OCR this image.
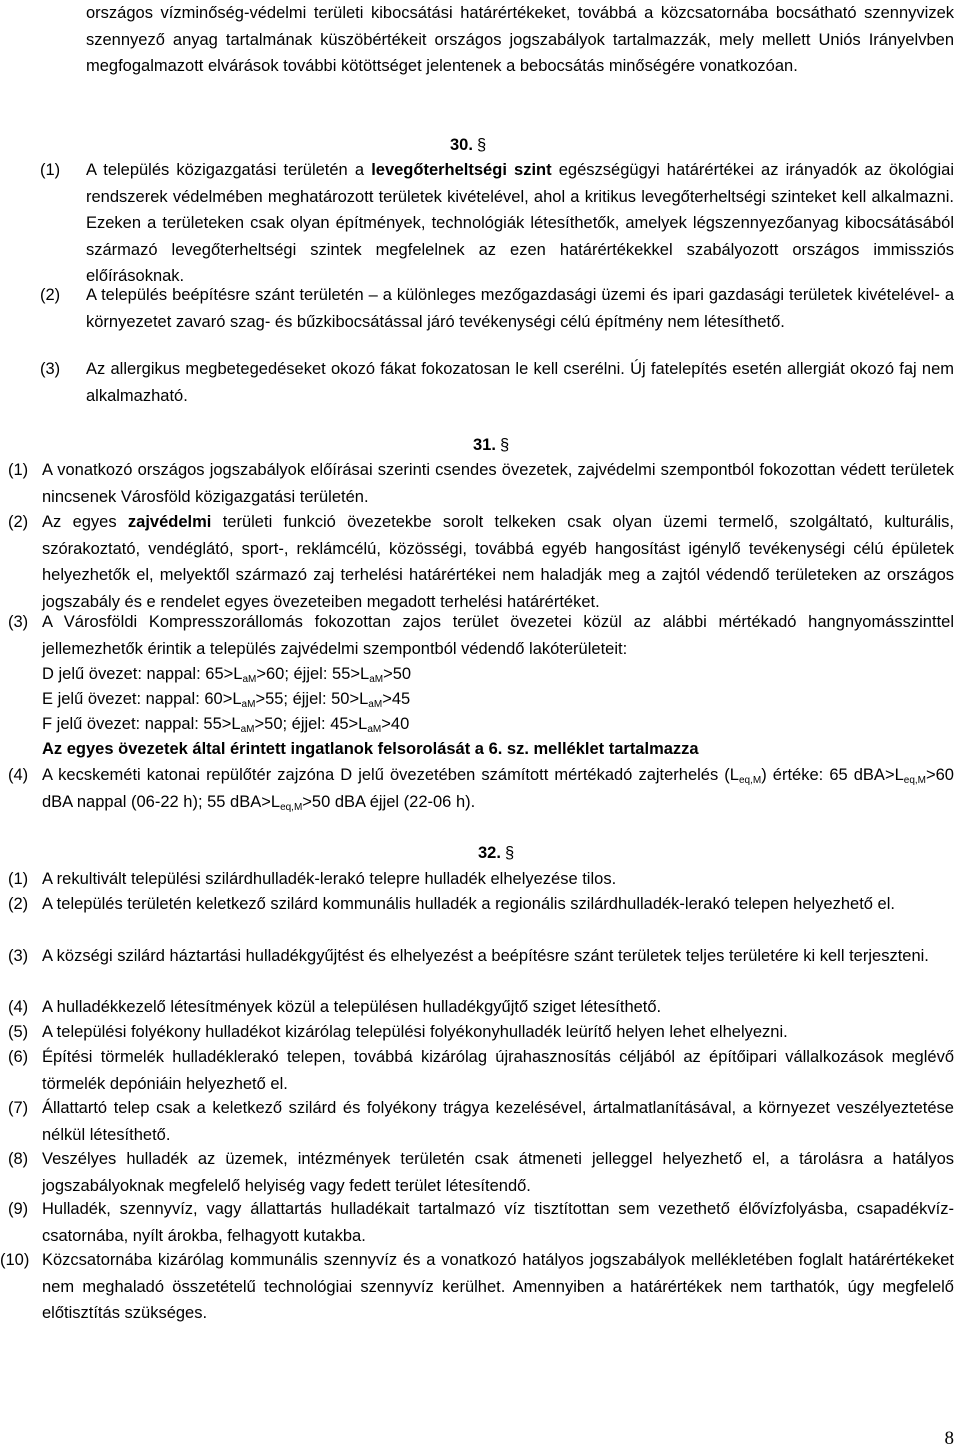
országos vízminőség-védelmi területi kibocsátási határértékeket, továbbá a közcsatornába bocsátható szennyvizek szennyező anyag tartalmának küszöbértékeit országos jogszabályok tartalmazzák, mely mellett Uniós Irányelvben megfogalmazott elvárások további kötöttséget jelentenek a bebocsátás minőségére vonatkozóan.

30. §
(1) A település közigazgatási területén a levegőterheltségi szint egészségügyi határértékei az irányadók az ökológiai rendszerek védelmében meghatározott területek kivételével, ahol a kritikus levegőterheltségi szinteket kell alkalmazni. Ezeken a területeken csak olyan építmények, technológiák létesíthetők, amelyek légszennyezőanyag kibocsátásából származó levegőterheltségi szintek megfelelnek az ezen határértékekkel szabályozott országos immissziós előírásoknak.

(2) A település beépítésre szánt területén – a különleges mezőgazdasági üzemi és ipari gazdasági területek kivételével- a környezetet zavaró szag- és bűzkibocsátással járó tevékenységi célú építmény nem létesíthető.

(3) Az allergikus megbetegedéseket okozó fákat fokozatosan le kell cserélni. Új fatelepítés esetén allergiát okozó faj nem alkalmazható.

31. §
(1) A vonatkozó országos jogszabályok előírásai szerinti csendes övezetek, zajvédelmi szempontból fokozottan védett területek nincsenek Városföld közigazgatási területén.

(2) Az egyes zajvédelmi területi funkció övezetekbe sorolt telkeken csak olyan üzemi termelő, szolgáltató, kulturális, szórakoztató, vendéglátó, sport-, reklámcélú, közösségi, továbbá egyéb hangosítást igénylő tevékenységi célú épületek helyezhetők el, melyektől származó zaj terhelési határértékei nem haladják meg a zajtól védendő területeken az országos jogszabály és e rendelet egyes övezeteiben megadott terhelési határértéket.

(3) A Városföldi Kompresszorállomás fokozottan zajos terület övezetei közül az alábbi mértékadó hangnyomásszinttel jellemezhetők érintik a település zajvédelmi szempontból védendő lakóterületeit:

D jelű övezet: nappal: $65>L_{aM}>60$; éjjel: $55>L_{aM}>50$
E jelű övezet: nappal: $60>L_{aM}>55$; éjjel: $50>L_{aM}>45$
F jelű övezet: nappal: $55>L_{aM}>50$; éjjel: $45>L_{aM}>40$
Az egyes övezetek által érintett ingatlanok felsorolását a 6. sz. melléklet tartalmazza
(4) A kecskeméti katonai repülőtér zajzóna D jelű övezetében számított mértékadó zajterhelés $(L_{eq,M})$ értéke: 65 $dBA>L_{eq,M}>60$ dBA nappal (06-22 h); 55 $dBA>L_{eq,M}>50$ dBA éjjel (22-06 h).

32. §
(1) A rekultivált települési szilárdhulladék-lerakó telepre hulladék elhelyezése tilos.

(2) A település területén keletkező szilárd kommunális hulladék a regionális szilárdhulladék-lerakó telepen helyezhető el.

(3) A községi szilárd háztartási hulladékgyűjtést és elhelyezést a beépítésre szánt területek teljes területére ki kell terjeszteni.

(4) A hulladékkezelő létesítmények közül a településen hulladékgyűjtő sziget létesíthető.

(5) A települési folyékony hulladékot kizárólag települési folyékonyhulladék leürítő helyen lehet elhelyezni.

(6) Építési törmelék hulladéklerakó telepen, továbbá kizárólag újrahasznosítás céljából az építőipari vállalkozások meglévő törmelék depóniáin helyezhető el.

(7) Állattartó telep csak a keletkező szilárd és folyékony trágya kezelésével, ártalmatlanításával, a környezet veszélyeztetése nélkül létesíthető.

(8) Veszélyes hulladék az üzemek, intézmények területén csak átmeneti jelleggel helyezhető el, a tárolásra a hatályos jogszabályoknak megfelelő helyiség vagy fedett terület létesítendő.

(9) Hulladék, szennyvíz, vagy állattartás hulladékait tartalmazó víz tisztítottan sem vezethető élővízfolyásba, csapadékvíz-csatornába, nyílt árokba, felhagyott kutakba.

(10) Közcsatornába kizárólag kommunális szennyvíz és a vonatkozó hatályos jogszabályok mellékletében foglalt határértékeket nem meghaladó összetételű technológiai szennyvíz kerülhet. Amennyiben a határértékek nem tarthatók, úgy megfelelő előtisztítás szükséges.

8
